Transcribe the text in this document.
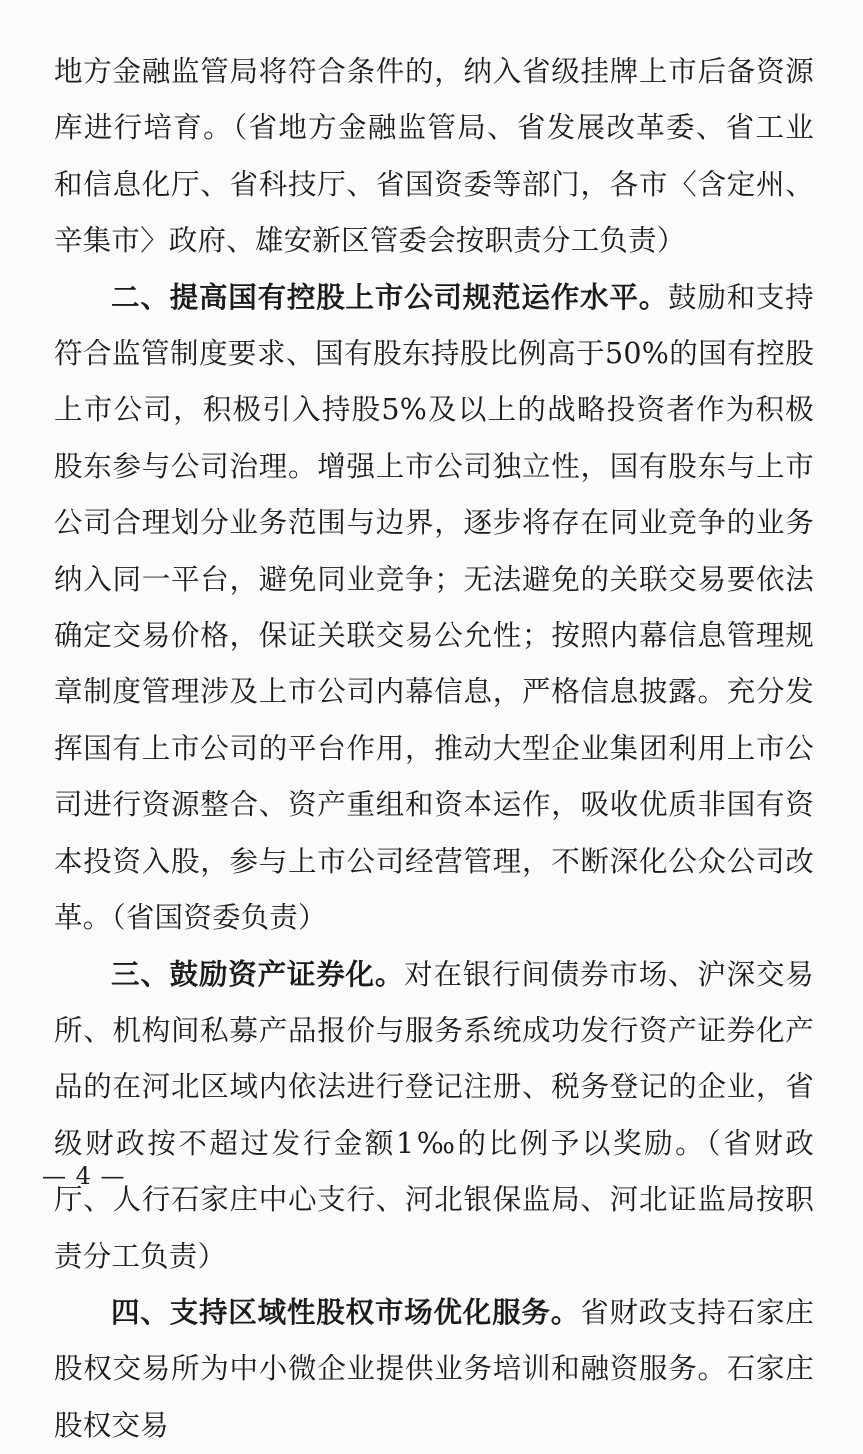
地方金融监管局将符合条件的，纳入省级挂牌上市后备资源库进行培育。（省地方金融监管局、省发展改革委、省工业和信息化厅、省科技厅、省国资委等部门，各市〈含定州、辛集市〉政府、雄安新区管委会按职责分工负责）

二、提高国有控股上市公司规范运作水平。鼓励和支持符合监管制度要求、国有股东持股比例高于50%的国有控股上市公司，积极引入持股5%及以上的战略投资者作为积极股东参与公司治理。增强上市公司独立性，国有股东与上市公司合理划分业务范围与边界，逐步将存在同业竞争的业务纳入同一平台，避免同业竞争；无法避免的关联交易要依法确定交易价格，保证关联交易公允性；按照内幕信息管理规章制度管理涉及上市公司内幕信息，严格信息披露。充分发挥国有上市公司的平台作用，推动大型企业集团利用上市公司进行资源整合、资产重组和资本运作，吸收优质非国有资本投资入股，参与上市公司经营管理，不断深化公众公司改革。（省国资委负责）

三、鼓励资产证券化。对在银行间债券市场、沪深交易所、机构间私募产品报价与服务系统成功发行资产证券化产品的在河北区域内依法进行登记注册、税务登记的企业，省级财政按不超过发行金额1‰的比例予以奖励。（省财政厅、人行石家庄中心支行、河北银保监局、河北证监局按职责分工负责）

四、支持区域性股权市场优化服务。省财政支持石家庄股权交易所为中小微企业提供业务培训和融资服务。石家庄股权交易

— 4 —
